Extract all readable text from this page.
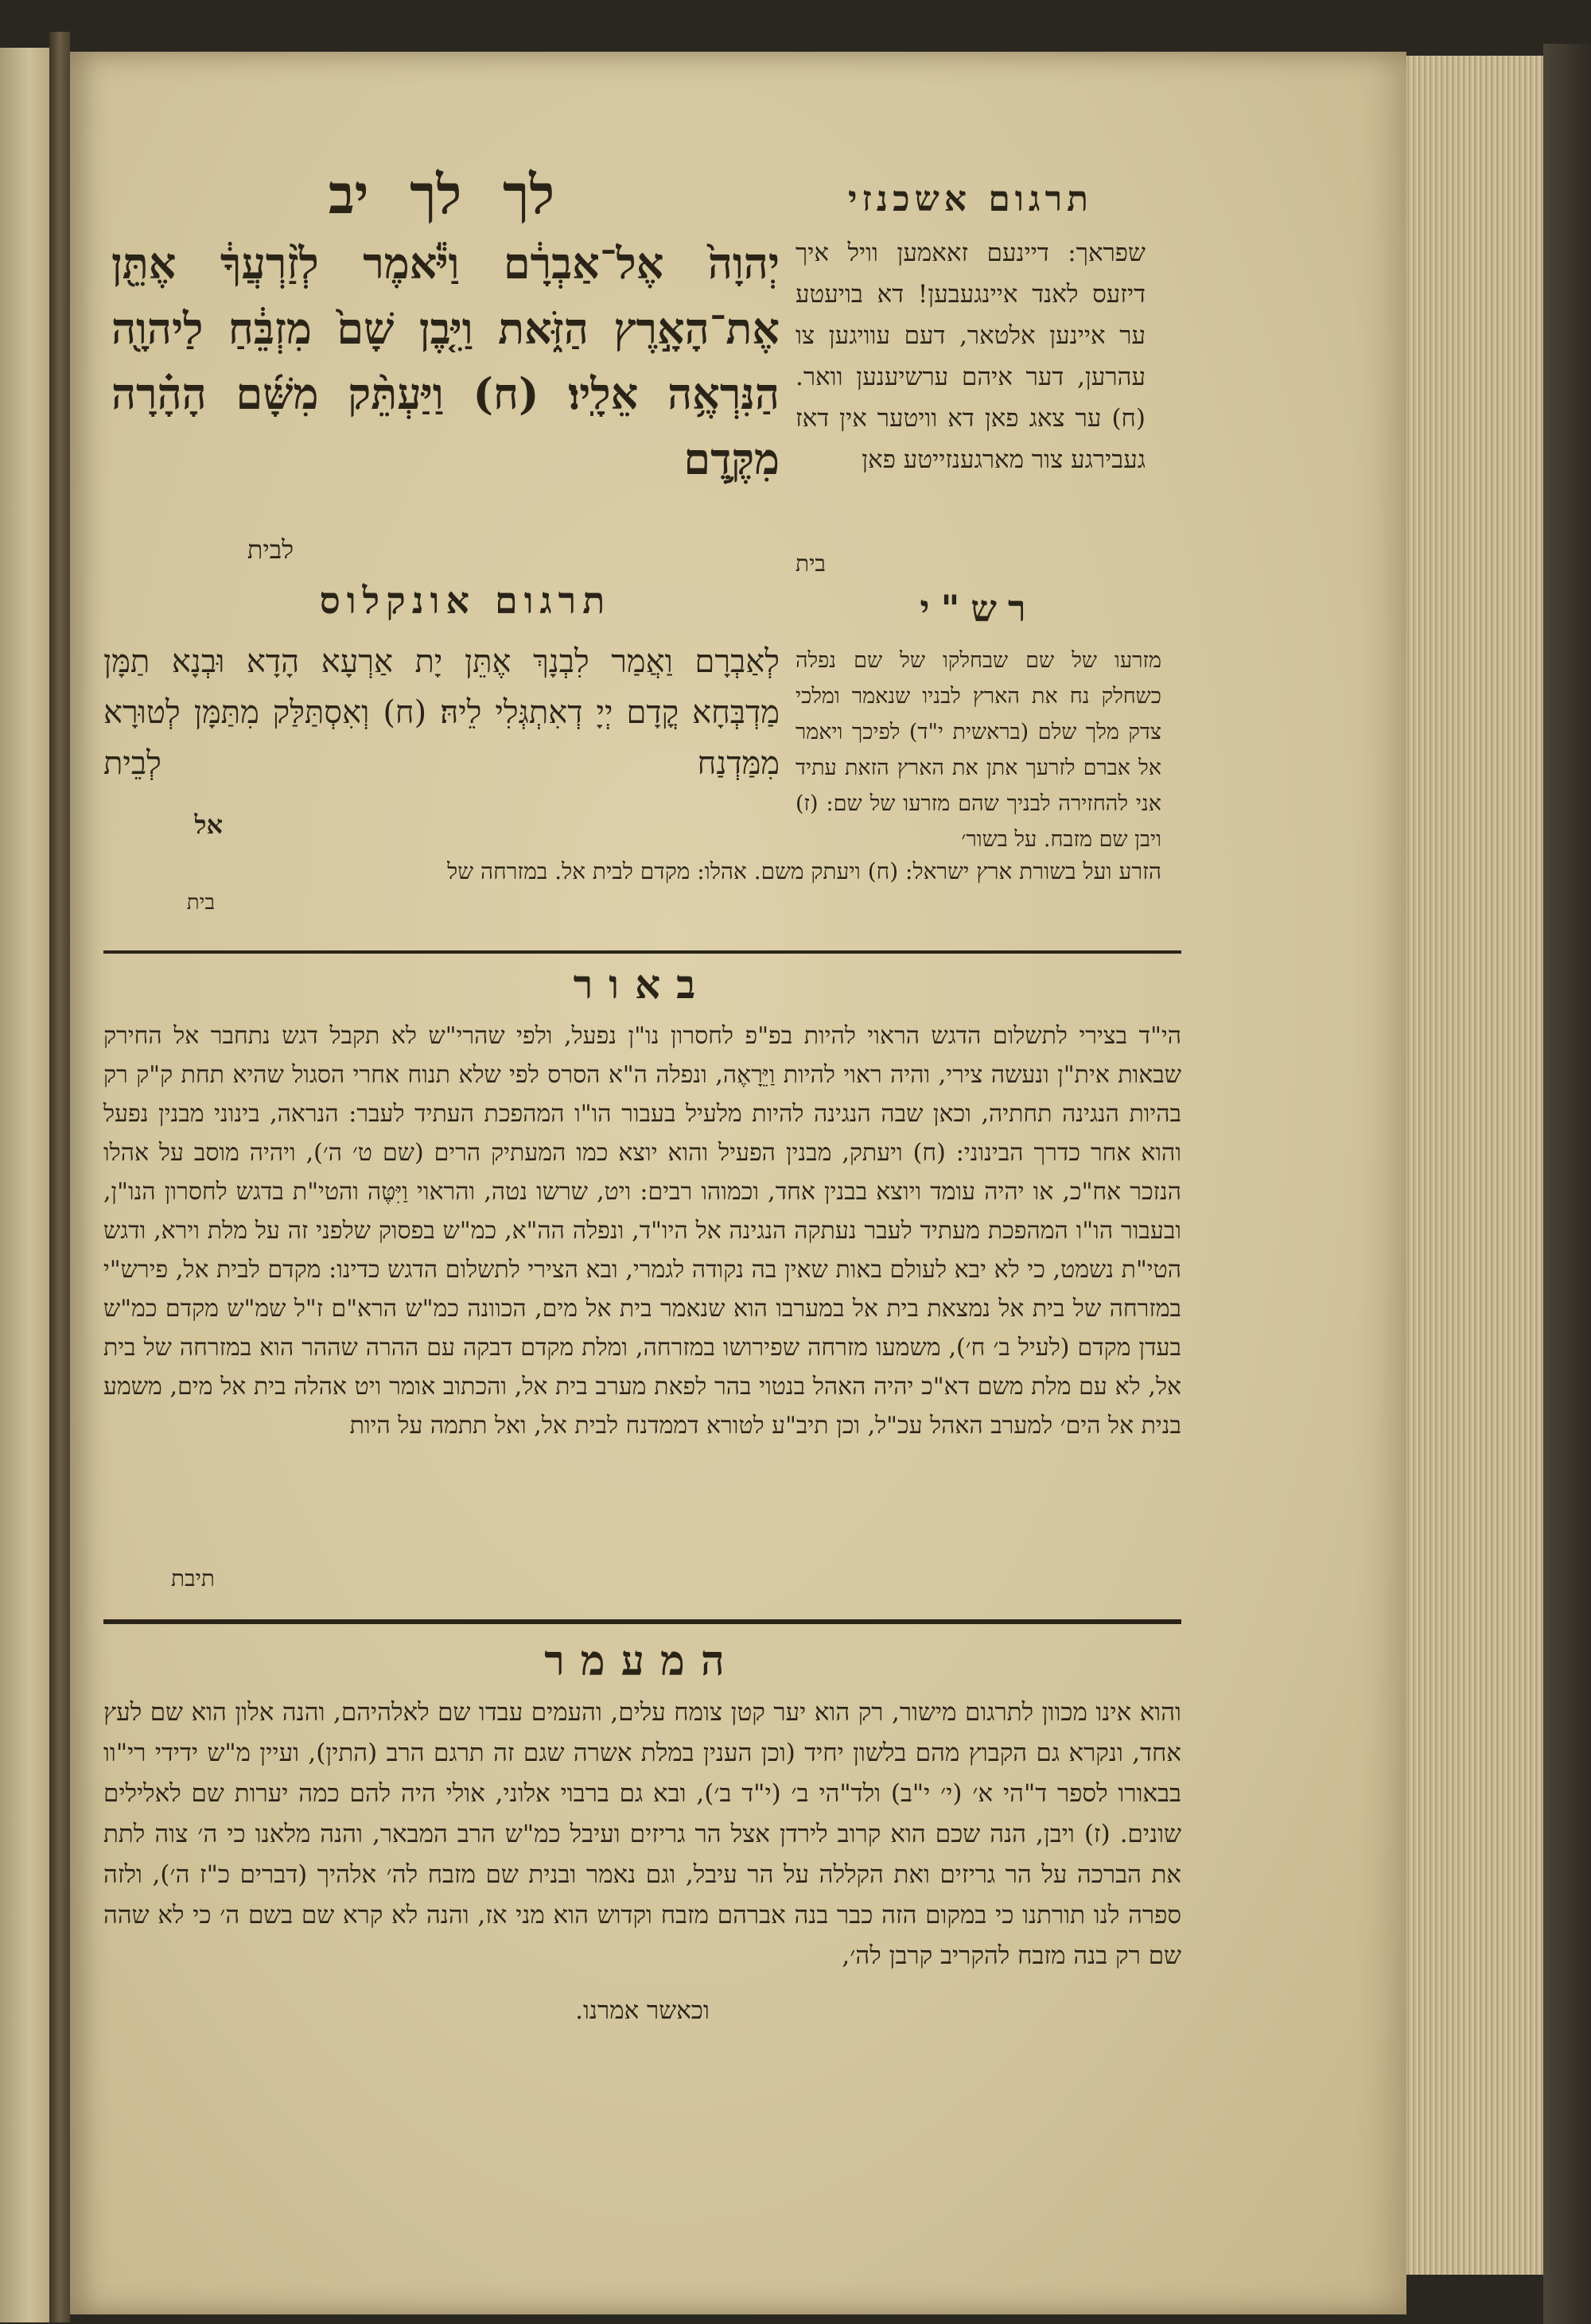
תרגום אשכנזי
שפראך: דיינעם זאאמען וויל איך דיזעס לאנד איינגעבען! דא בויעטע ער איינען אלטאר, דעם עוויגען צו עהרען, דער איהם ערשיענען וואר. (ח) ער צאג פאן דא וויטער אין דאז געבירגע צור מארגענזייטע פאן
בית
לך לך יב
יְהוָה֙ אֶל־אַבְרָ֔ם וַיֹּ֕אמֶר לְזַ֨רְעֲךָ֔ אֶתֵּ֖ן אֶת־הָאָ֣רֶץ הַזֹּ֑את וַיִּ֤בֶן שָׁם֙ מִזְבֵּ֔חַ לַיהוָ֖ה הַנִּרְאֶ֥ה אֵלָֽיו׃ (ח) וַיַּעְתֵּ֨ק מִשָּׁ֜ם הָהָ֗רָה מִקֶּ֛דֶם
לבית
תרגום אונקלוס
לְאַבְרָם וַאֲמַר לִבְנָךְ אֶתֵּן יָת אַרְעָא הָדָא וּבְנָא תַמָּן מַדְבְּחָא קֳדָם יְיָ דְאִתְגְּלִי לֵיהּ׃ (ח) וְאִסְתַּלַּק מִתַּמָּן לְטוּרָא מִמַּדְנַח לְבֵית
אל
רש"י
מזרעו של שם שבחלקו של שם נפלה כשחלק נח את הארץ לבניו שנאמר ומלכי צדק מלך שלם (בראשית י"ד) לפיכך ויאמר אל אברם לזרעך אתן את הארץ הזאת עתיד אני להחזירה לבניך שהם מזרעו של שם: (ז) ויבן שם מזבח. על בשור׳
הזרע ועל בשורת ארץ ישראל: (ח) ויעתק משם. אהלו: מקדם לבית אל. במזרחה של
בית
באור
הי"ד בצירי לתשלום הדגש הראוי להיות בפ"פ לחסרון נו"ן נפעל, ולפי שהרי"ש לא תקבל דגש נתחבר אל החירק שבאות אית"ן ונעשה צירי, והיה ראוי להיות וַיֵּרָאֶה, ונפלה ה"א הסרס לפי שלא תנוח אחרי הסגול שהיא תחת ק"ק רק בהיות הנגינה תחתיה, וכאן שבה הנגינה להיות מלעיל בעבור הו"ו המהפכת העתיד לעבר: הנראה, בינוני מבנין נפעל והוא אחר כדרך הבינוני: (ח) ויעתק, מבנין הפעיל והוא יוצא כמו המעתיק הרים (שם ט׳ ה׳), ויהיה מוסב על אהלו הנזכר אח"כ, או יהיה עומד ויוצא בבנין אחד, וכמוהו רבים: ויט, שרשו נטה, והראוי וַיִּטֶּה והטי"ת בדגש לחסרון הנו"ן, ובעבור הו"ו המהפכת מעתיד לעבר נעתקה הנגינה אל היו"ד, ונפלה הה"א, כמ"ש בפסוק שלפני זה על מלת וירא, ודגש הטי"ת נשמט, כי לא יבא לעולם באות שאין בה נקודה לגמרי, ובא הצירי לתשלום הדגש כדינו: מקדם לבית אל, פירש"י במזרחה של בית אל נמצאת בית אל במערבו הוא שנאמר בית אל מים, הכוונה כמ"ש הרא"ם ז"ל שמ"ש מקדם כמ"ש בעדן מקדם (לעיל ב׳ ח׳), משמעו מזרחה שפירושו במזרחה, ומלת מקדם דבקה עם ההרה שההר הוא במזרחה של בית אל, לא עם מלת משם דא"כ יהיה האהל בנטוי בהר לפאת מערב בית אל, והכתוב אומר ויט אהלה בית אל מים, משמע בנית אל הים׳ למערב האהל עכ"ל, וכן תיב"ע לטורא דממדנח לבית אל, ואל תתמה על היות
תיבת
המעמר
והוא אינו מכוון לתרגום מישור, רק הוא יער קטן צומח עלים, והעמים עבדו שם לאלהיהם, והנה אלון הוא שם לעץ אחד, ונקרא גם הקבוץ מהם בלשון יחיד (וכן הענין במלת אשרה שגם זה תרגם הרב (התין), ועיין מ"ש ידידי רי"וו בבאורו לספר ד"הי א׳ (י׳ י"ב) ולד"הי ב׳ (י"ד ב׳), ובא גם ברבוי אלוני, אולי היה להם כמה יערות שם לאלילים שונים. (ז) ויבן, הנה שכם הוא קרוב לירדן אצל הר גריזים ועיבל כמ"ש הרב המבאר, והנה מלאנו כי ה׳ צוה לתת את הברכה על הר גריזים ואת הקללה על הר עיבל, וגם נאמר ובנית שם מזבח לה׳ אלהיך (דברים כ"ז ה׳), ולזה ספרה לנו תורתנו כי במקום הזה כבר בנה אברהם מזבח וקדוש הוא מני אז, והנה לא קרא שם בשם ה׳ כי לא שהה שם רק בנה מזבח להקריב קרבן לה׳,
וכאשר אמרנו.
